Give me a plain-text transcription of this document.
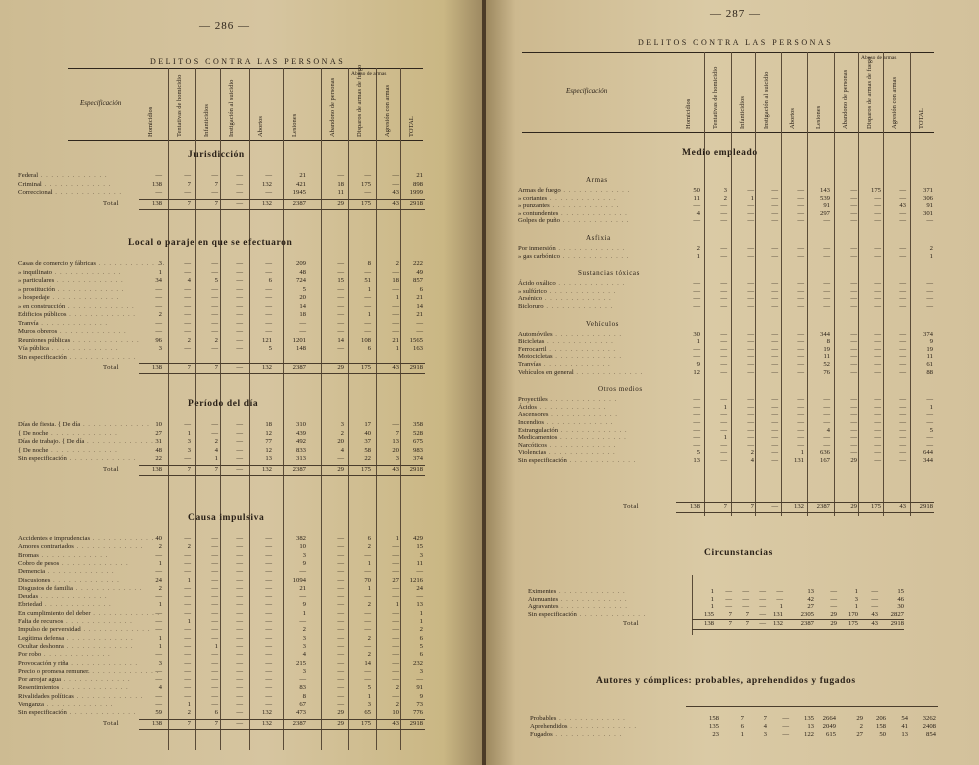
— 286 —
DELITOS CONTRA LAS PERSONAS
Especificación
Homicidios	Tentativas de homicidio	Infanticidios	Instigación al suicidio	Abortos	Lesiones	Abandono de personas	Disparos de armas de fuego	Agresión con armas	TOTAL
Abuso de armas
Jurisdicción
Federal . . .	—	—	—	—	—	21	—	—	—	21
Criminal . . .	138	7	7	—	132	421	18	175	—	898
Correccional . . .	—	—	—	—	—	1945	11	—	43	1999
Total	138	7	7	—	132	2387	29	175	43	2918
Local o paraje en que se efectuaron
Casas de comercio y fábricas . . .	3	—	—	—	—	209	—	8	2	222
» inquilinato . . .	1	—	—	—	—	48	—	—	—	49
» particulares . . .	34	4	5	—	6	724	15	51	18	857
» prostitución . . .	—	—	—	—	—	5	—	1	—	6
» hospedaje . . .	—	—	—	—	—	20	—	—	1	21
» en construcción . . .	—	—	—	—	—	14	—	—	—	14
Edificios públicos . . .	2	—	—	—	—	18	—	1	—	21
Tranvía . . .	—	—	—	—	—	—	—	—	—	—
Muros obreros . . .	—	—	—	—	—	—	—	—	—	—
Reuniones públicas . . .	96	2	2	—	121	1201	14	108	21	1565
Vía pública . . .	3	—	—	—	5	148	—	6	1	163
Sin especificación . . .
Total	138	7	7	—	132	2387	29	175	43	2918
Período del día
Días de fiesta. { De día . . .	10	—	—	—	18	310	3	17	—	358
{ De noche . . .	27	1	—	—	12	439	2	40	7	528
Días de trabajo. { De día . . .	31	3	2	—	77	492	20	37	13	675
{ De noche . . .	48	3	4	—	12	833	4	58	20	983
Sin especificación . . .	22	—	1	—	13	313	—	22	3	374
Total	138	7	7	—	132	2387	29	175	43	2918
Causa impulsiva
Accidentes e imprudencias . . .	40	—	—	—	—	382	—	6	1	429
Amores contrariados . . .	2	2	—	—	—	10	—	2	—	15
Bromas . . .	—	—	—	—	—	3	—	—	—	3
Cobro de pesos . . .	1	—	—	—	—	9	—	1	—	11
Demencia . . .	—	—	—	—	—	—	—	—	—	—
Discusiones . . .	24	1	—	—	—	1094	—	70	27	1216
Disgustos de familia . . .	2	—	—	—	—	21	—	1	—	24
Deudas . . .	—	—	—	—	—	—	—	—	—	—
Ebriedad . . .	1	—	—	—	—	9	—	2	1	13
En cumplimiento del deber . . .	—	—	—	—	—	1	—	—	—	1
Falta de recursos . . .	—	1	—	—	—	—	—	—	—	1
Impulso de perversidad . . .	—	—	—	—	—	2	—	—	—	2
Legítima defensa . . .	1	—	—	—	—	3	—	2	—	6
Ocultar deshonra . . .	1	—	1	—	—	3	—	—	—	5
Por robo . . .	—	—	—	—	—	4	—	2	—	6
Provocación y riña . . .	3	—	—	—	—	215	—	14	—	232
Precio o promesa remuner. . . .	—	—	—	—	—	3	—	—	—	3
Por arrojar agua . . .	—	—	—	—	—	—	—	—	—	—
Resentimientos . . .	4	—	—	—	—	83	—	5	2	91
Rivalidades políticas . . .	—	—	—	—	—	8	—	1	—	9
Venganza . . .	—	1	—	—	—	67	—	3	2	73
Sin especificación . . .	59	2	6	—	132	473	29	65	10	776
Total	138	7	7	—	132	2387	29	175	43	2918
— 287 —
DELITOS CONTRA LAS PERSONAS
Especificación
Homicidios	Tentativas de homicidio	Infanticidios	Instigación al suicidio	Abortos	Lesiones	Abandono de personas	Disparos de armas de fuego	Agresión con armas	TOTAL
Abuso de armas
Medio empleado
Armas
Armas de fuego . . .	50	3	—	—	—	143	—	175	—	371
» cortantes . . .	11	2	1	—	—	539	—	—	—	306
» punzantes . . .	—	—	—	—	—	91	—	—	43	91
» contundentes . . .	4	—	—	—	—	297	—	—	—	301
Golpes de puño . . .	—	—	—	—	—	—	—	—	—	—
Asfixia
Por inmersión . . .	2	—	—	—	—	—	—	—	—	2
» gas carbónico . . .	1	—	—	—	—	—	—	—	—	1
Sustancias tóxicas
Ácido oxálico . . .	—	—	—	—	—	—	—	—	—	—
» sulfúrico . . .	—	—	—	—	—	—	—	—	—	—
Arsénico . . .	—	—	—	—	—	—	—	—	—	—
Bicloruro . . .	—	—	—	—	—	—	—	—	—	—
Vehículos
Automóviles . . .	30	—	—	—	—	344	—	—	—	374
Bicicletas . . .	1	—	—	—	—	8	—	—	—	9
Ferrocarril . . .	—	—	—	—	—	19	—	—	—	19
Motocicletas . . .	—	—	—	—	—	11	—	—	—	11
Tranvías . . .	9	—	—	—	—	52	—	—	—	61
Vehículos en general . . .	12	—	—	—	—	76	—	—	—	88
Otros medios
Proyectiles . . .	—	—	—	—	—	—	—	—	—	—
Ácidos . . .	—	1	—	—	—	—	—	—	—	1
Ascensores . . .	—	—	—	—	—	—	—	—	—	—
Incendios . . .	—	—	—	—	—	—	—	—	—	—
Estrangulación . . .	—	—	—	—	—	4	—	—	—	5
Medicamentos . . .	—	1	—	—	—	—	—	—	—	—
Narcóticos . . .	—	—	—	—	—	—	—	—	—	—
Violencias . . .	5	—	2	—	1	636	—	—	—	644
Sin especificación . . .	13	—	4	—	131	167	29	—	—	344
Total	138	7	7	—	132	2387	29	175	43	2918
Circunstancias
Eximentes . . .	1	—	—	—	—	13	—	1	—	15
Atenuantes . . .	1	—	—	—	—	42	—	3	—	46
Agravantes . . .	1	—	—	—	1	27	—	1	—	30
Sin especificación . . .	135	7	7	—	131	2305	29	170	43	2827
Total	138	7	7	—	132	2387	29	175	43	2918
Autores y cómplices: probables, aprehendidos y fugados
Probables . . .	158	7	7	—	135	2664	29	206	54	3262
Aprehendidos . . .	135	6	4	—	13	2049	2	158	41	2408
Fugados . . .	23	1	3	—	122	615	27	50	13	854
